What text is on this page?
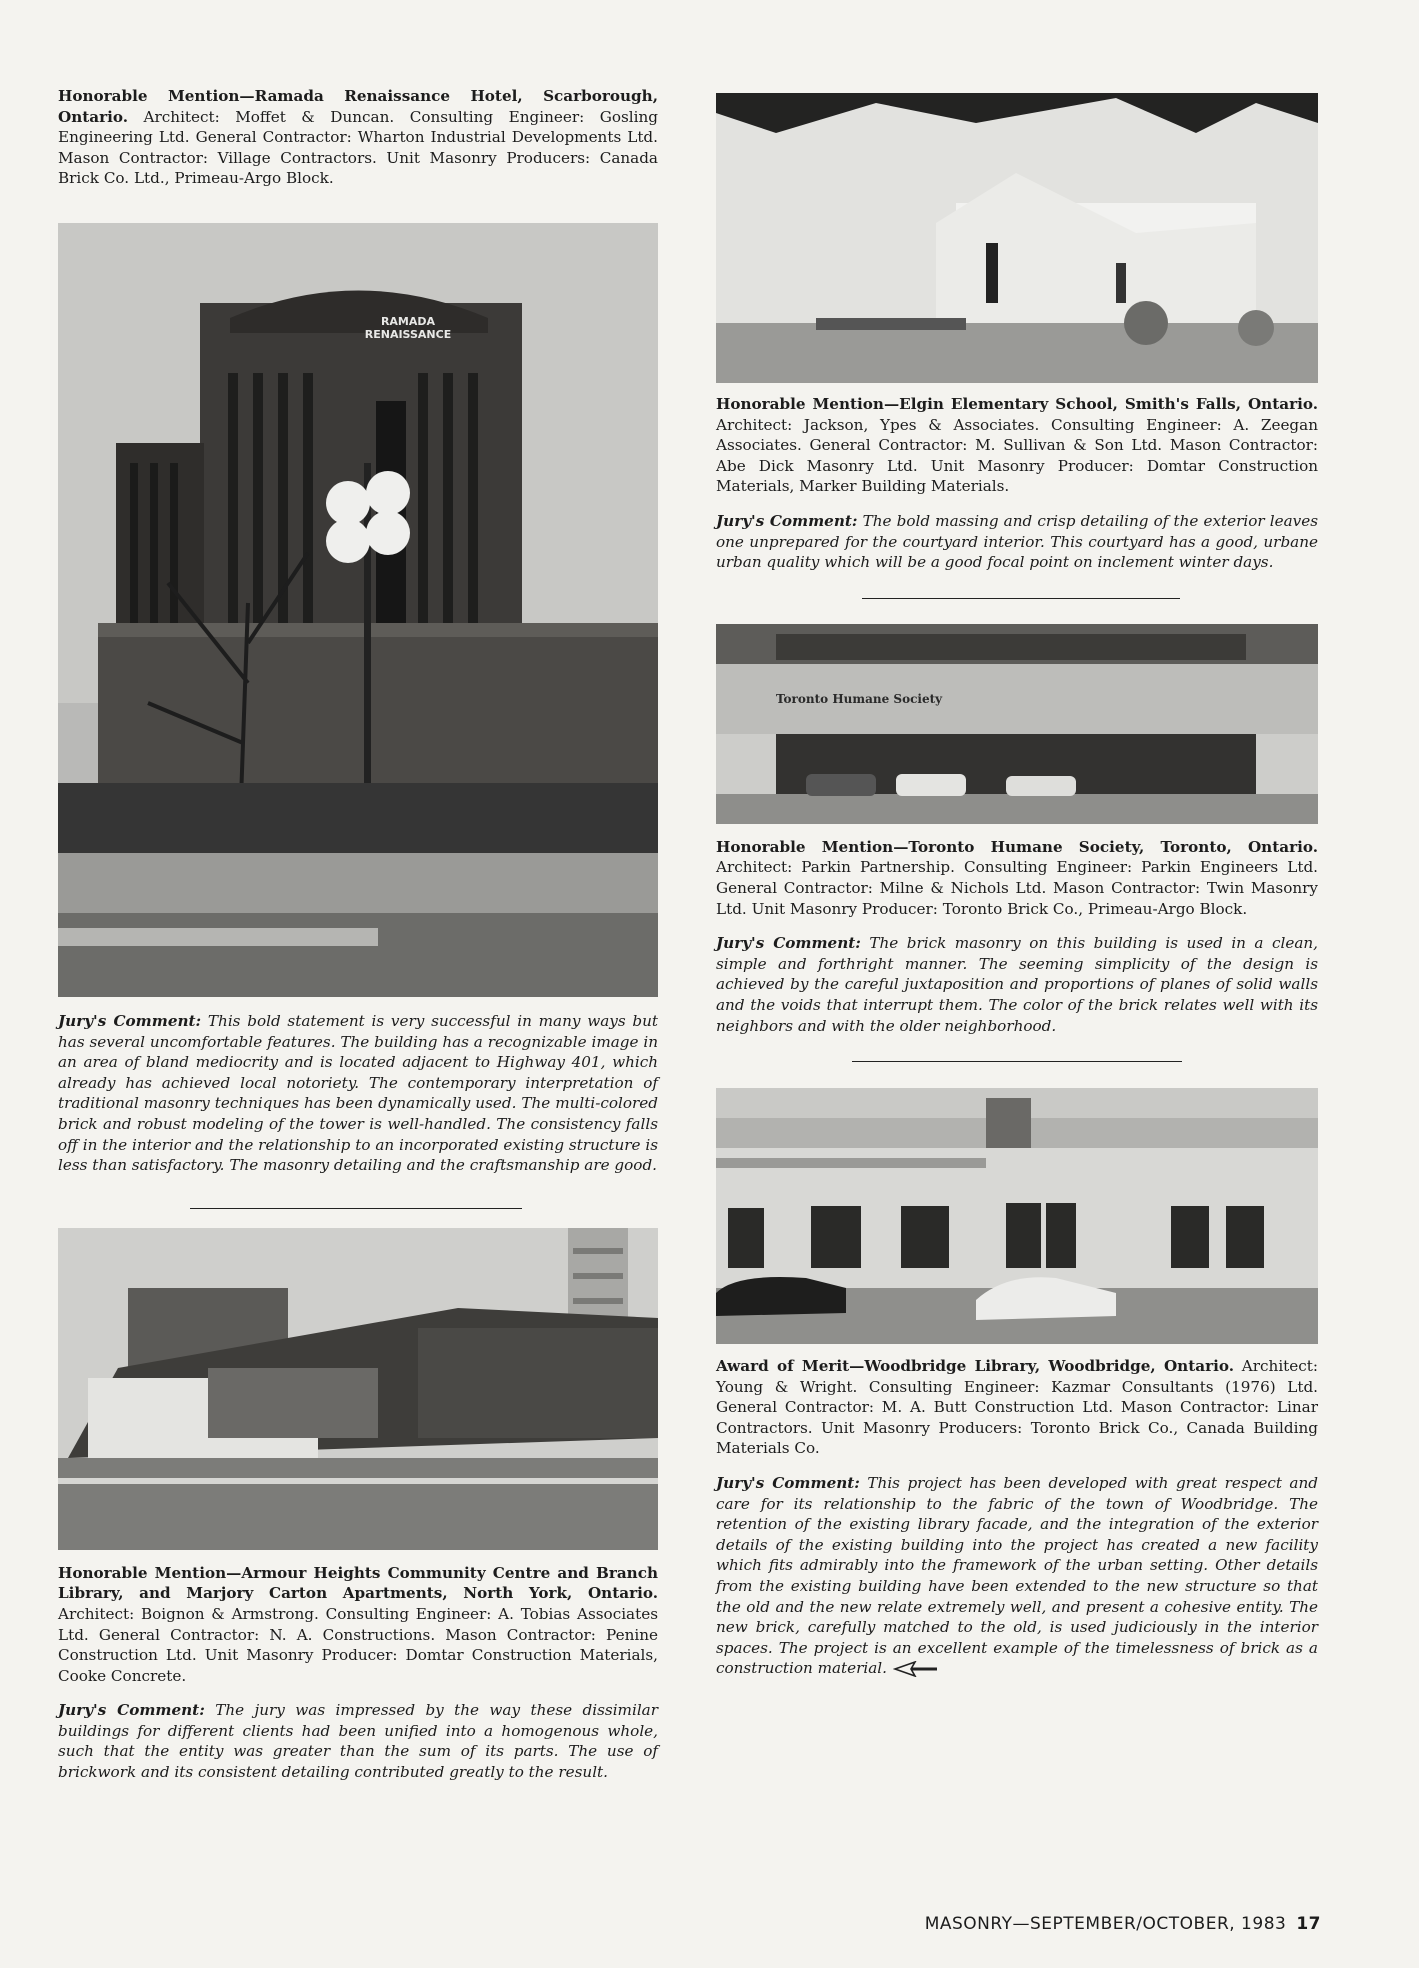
Honorable Mention—Ramada Renaissance Hotel, Scarborough, Ontario. Architect: Moffet & Duncan. Consulting Engineer: Gosling Engineering Ltd. General Contractor: Wharton Industrial Developments Ltd. Mason Contractor: Village Contractors. Unit Masonry Producers: Canada Brick Co. Ltd., Primeau-Argo Block.

RAMADA RENAISSANCE

Jury's Comment: This bold statement is very successful in many ways but has several uncomfortable features. The building has a recognizable image in an area of bland mediocrity and is located adjacent to Highway 401, which already has achieved local notoriety. The contemporary interpretation of traditional masonry techniques has been dynamically used. The multi-colored brick and robust modeling of the tower is well-handled. The consistency falls off in the interior and the relationship to an incorporated existing structure is less than satisfactory. The masonry detailing and the craftsmanship are good.

Honorable Mention—Armour Heights Community Centre and Branch Library, and Marjory Carton Apartments, North York, Ontario. Architect: Boignon & Armstrong. Consulting Engineer: A. Tobias Associates Ltd. General Contractor: N. A. Constructions. Mason Contractor: Penine Construction Ltd. Unit Masonry Producer: Domtar Construction Materials, Cooke Concrete.

Jury's Comment: The jury was impressed by the way these dissimilar buildings for different clients had been unified into a homogenous whole, such that the entity was greater than the sum of its parts. The use of brickwork and its consistent detailing contributed greatly to the result.

Honorable Mention—Elgin Elementary School, Smith's Falls, Ontario. Architect: Jackson, Ypes & Associates. Consulting Engineer: A. Zeegan Associates. General Contractor: M. Sullivan & Son Ltd. Mason Contractor: Abe Dick Masonry Ltd. Unit Masonry Producer: Domtar Construction Materials, Marker Building Materials.

Jury's Comment: The bold massing and crisp detailing of the exterior leaves one unprepared for the courtyard interior. This courtyard has a good, urbane urban quality which will be a good focal point on inclement winter days.

Toronto Humane Society

Honorable Mention—Toronto Humane Society, Toronto, Ontario. Architect: Parkin Partnership. Consulting Engineer: Parkin Engineers Ltd. General Contractor: Milne & Nichols Ltd. Mason Contractor: Twin Masonry Ltd. Unit Masonry Producer: Toronto Brick Co., Primeau-Argo Block.

Jury's Comment: The brick masonry on this building is used in a clean, simple and forthright manner. The seeming simplicity of the design is achieved by the careful juxtaposition and proportions of planes of solid walls and the voids that interrupt them. The color of the brick relates well with its neighbors and with the older neighborhood.

Award of Merit—Woodbridge Library, Woodbridge, Ontario. Architect: Young & Wright. Consulting Engineer: Kazmar Consultants (1976) Ltd. General Contractor: M. A. Butt Construction Ltd. Mason Contractor: Linar Contractors. Unit Masonry Producers: Toronto Brick Co., Canada Building Materials Co.

Jury's Comment: This project has been developed with great respect and care for its relationship to the fabric of the town of Woodbridge. The retention of the existing library facade, and the integration of the exterior details of the existing building into the project has created a new facility which fits admirably into the framework of the urban setting. Other details from the existing building have been extended to the new structure so that the old and the new relate extremely well, and present a cohesive entity. The new brick, carefully matched to the old, is used judiciously in the interior spaces. The project is an excellent example of the timelessness of brick as a construction material.

MASONRY—SEPTEMBER/OCTOBER, 1983 17
